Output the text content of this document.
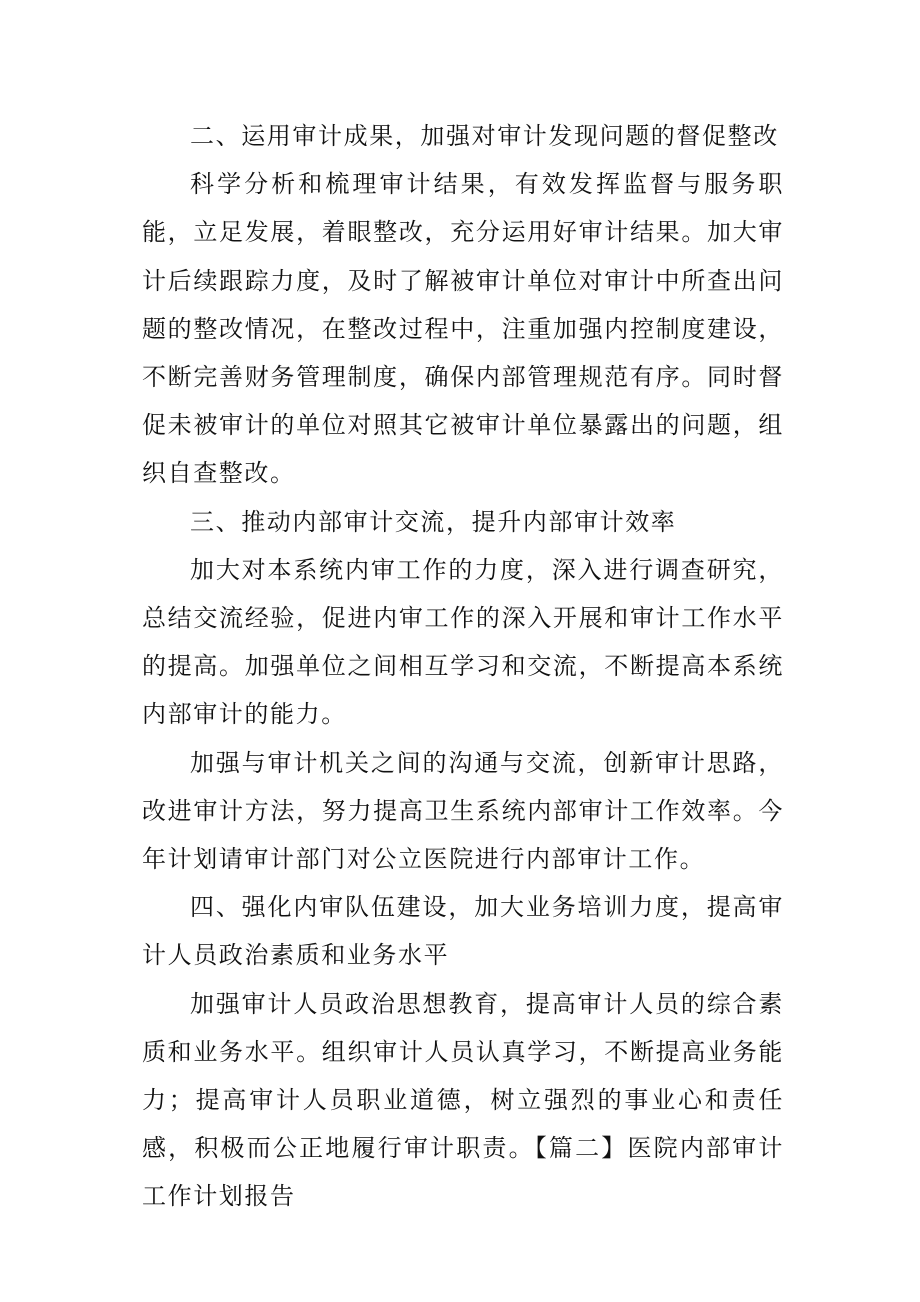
二、运用审计成果，加强对审计发现问题的督促整改

科学分析和梳理审计结果，有效发挥监督与服务职能，立足发展，着眼整改，充分运用好审计结果。加大审计后续跟踪力度，及时了解被审计单位对审计中所查出问题的整改情况，在整改过程中，注重加强内控制度建设，不断完善财务管理制度，确保内部管理规范有序。同时督促未被审计的单位对照其它被审计单位暴露出的问题，组织自查整改。

三、推动内部审计交流，提升内部审计效率

加大对本系统内审工作的力度，深入进行调查研究，总结交流经验，促进内审工作的深入开展和审计工作水平的提高。加强单位之间相互学习和交流，不断提高本系统内部审计的能力。

加强与审计机关之间的沟通与交流，创新审计思路，改进审计方法，努力提高卫生系统内部审计工作效率。今年计划请审计部门对公立医院进行内部审计工作。

四、强化内审队伍建设，加大业务培训力度，提高审计人员政治素质和业务水平

加强审计人员政治思想教育，提高审计人员的综合素质和业务水平。组织审计人员认真学习，不断提高业务能力；提高审计人员职业道德，树立强烈的事业心和责任感，积极而公正地履行审计职责。【篇二】医院内部审计工作计划报告
